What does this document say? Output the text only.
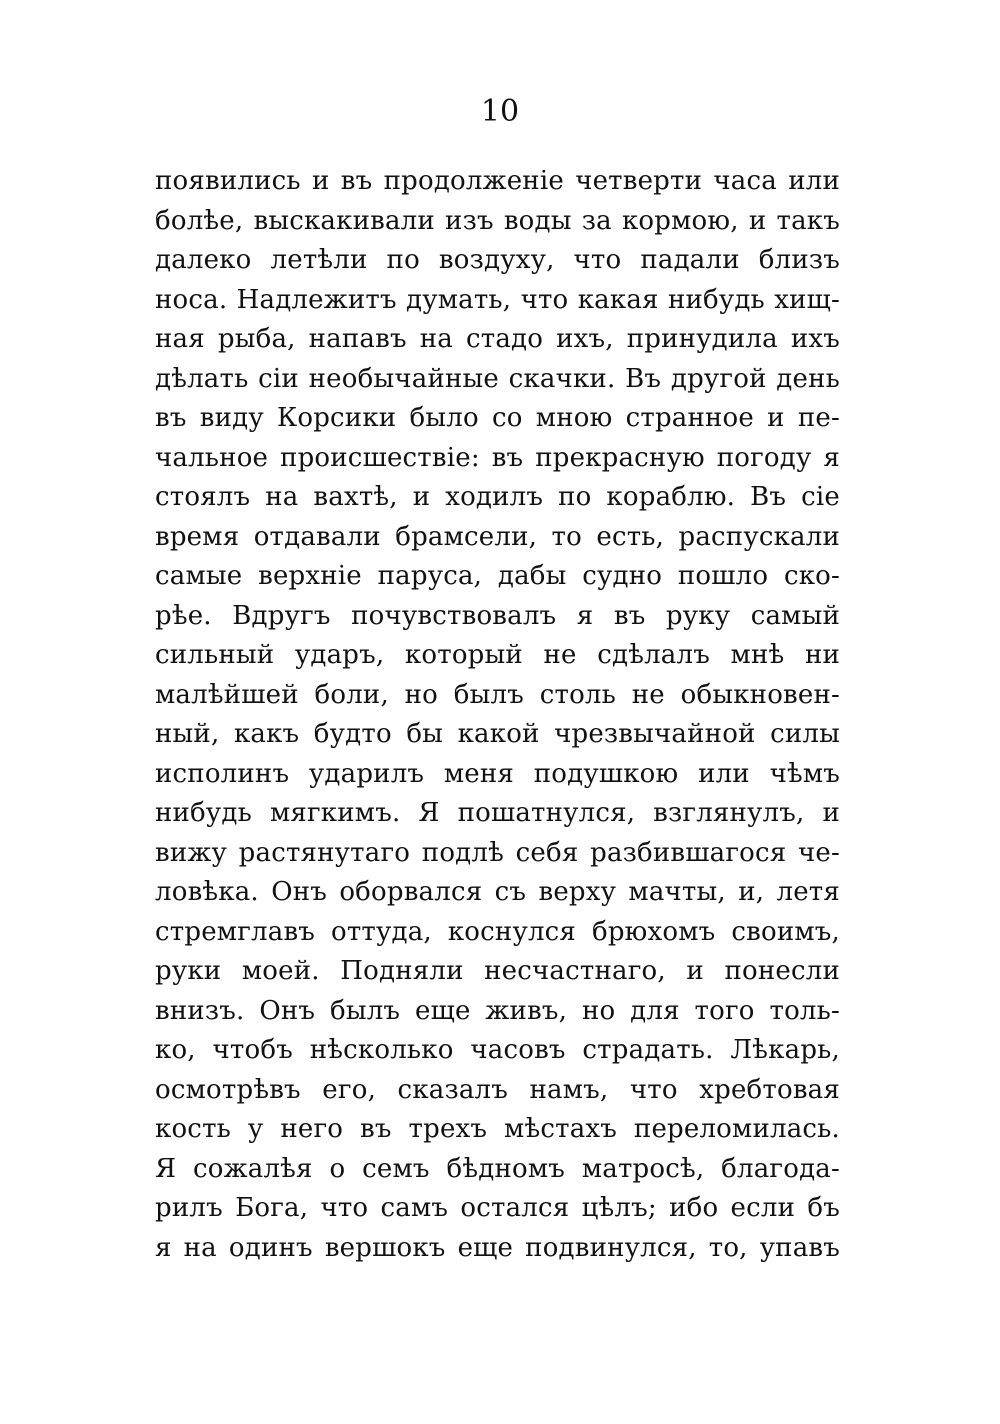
10
появились и въ продолженіе четверти часа или
болѣе, выскакивали изъ воды за кормою, и такъ
далеко летѣли по воздуху, что падали близъ
носа. Надлежитъ думать, что какая нибудь хищ-
ная рыба, напавъ на стадо ихъ, принудила ихъ
дѣлать сіи необычайные скачки. Въ другой день
въ виду Корсики было со мною странное и пе-
чальное происшествіе: въ прекрасную погоду я
стоялъ на вахтѣ, и ходилъ по кораблю. Въ сіе
время отдавали брамсели, то есть, распускали
самые верхніе паруса, дабы судно пошло ско-
рѣе. Вдругъ почувствовалъ я въ руку самый
сильный ударъ, который не сдѣлалъ мнѣ ни
малѣйшей боли, но былъ столь не обыкновен-
ный, какъ будто бы какой чрезвычайной силы
исполинъ ударилъ меня подушкою или чѣмъ
нибудь мягкимъ. Я пошатнулся, взглянулъ, и
вижу растянутаго подлѣ себя разбившагося че-
ловѣка. Онъ оборвался съ верху мачты, и, летя
стремглавъ оттуда, коснулся брюхомъ своимъ,
руки моей. Подняли несчастнаго, и понесли
внизъ. Онъ былъ еще живъ, но для того толь-
ко, чтобъ нѣсколько часовъ страдать. Лѣкарь,
осмотрѣвъ его, сказалъ намъ, что хребтовая
кость у него въ трехъ мѣстахъ переломилась.
Я сожалѣя о семъ бѣдномъ матросѣ, благода-
рилъ Бога, что самъ остался цѣлъ; ибо если бъ
я на одинъ вершокъ еще подвинулся, то, упавъ
